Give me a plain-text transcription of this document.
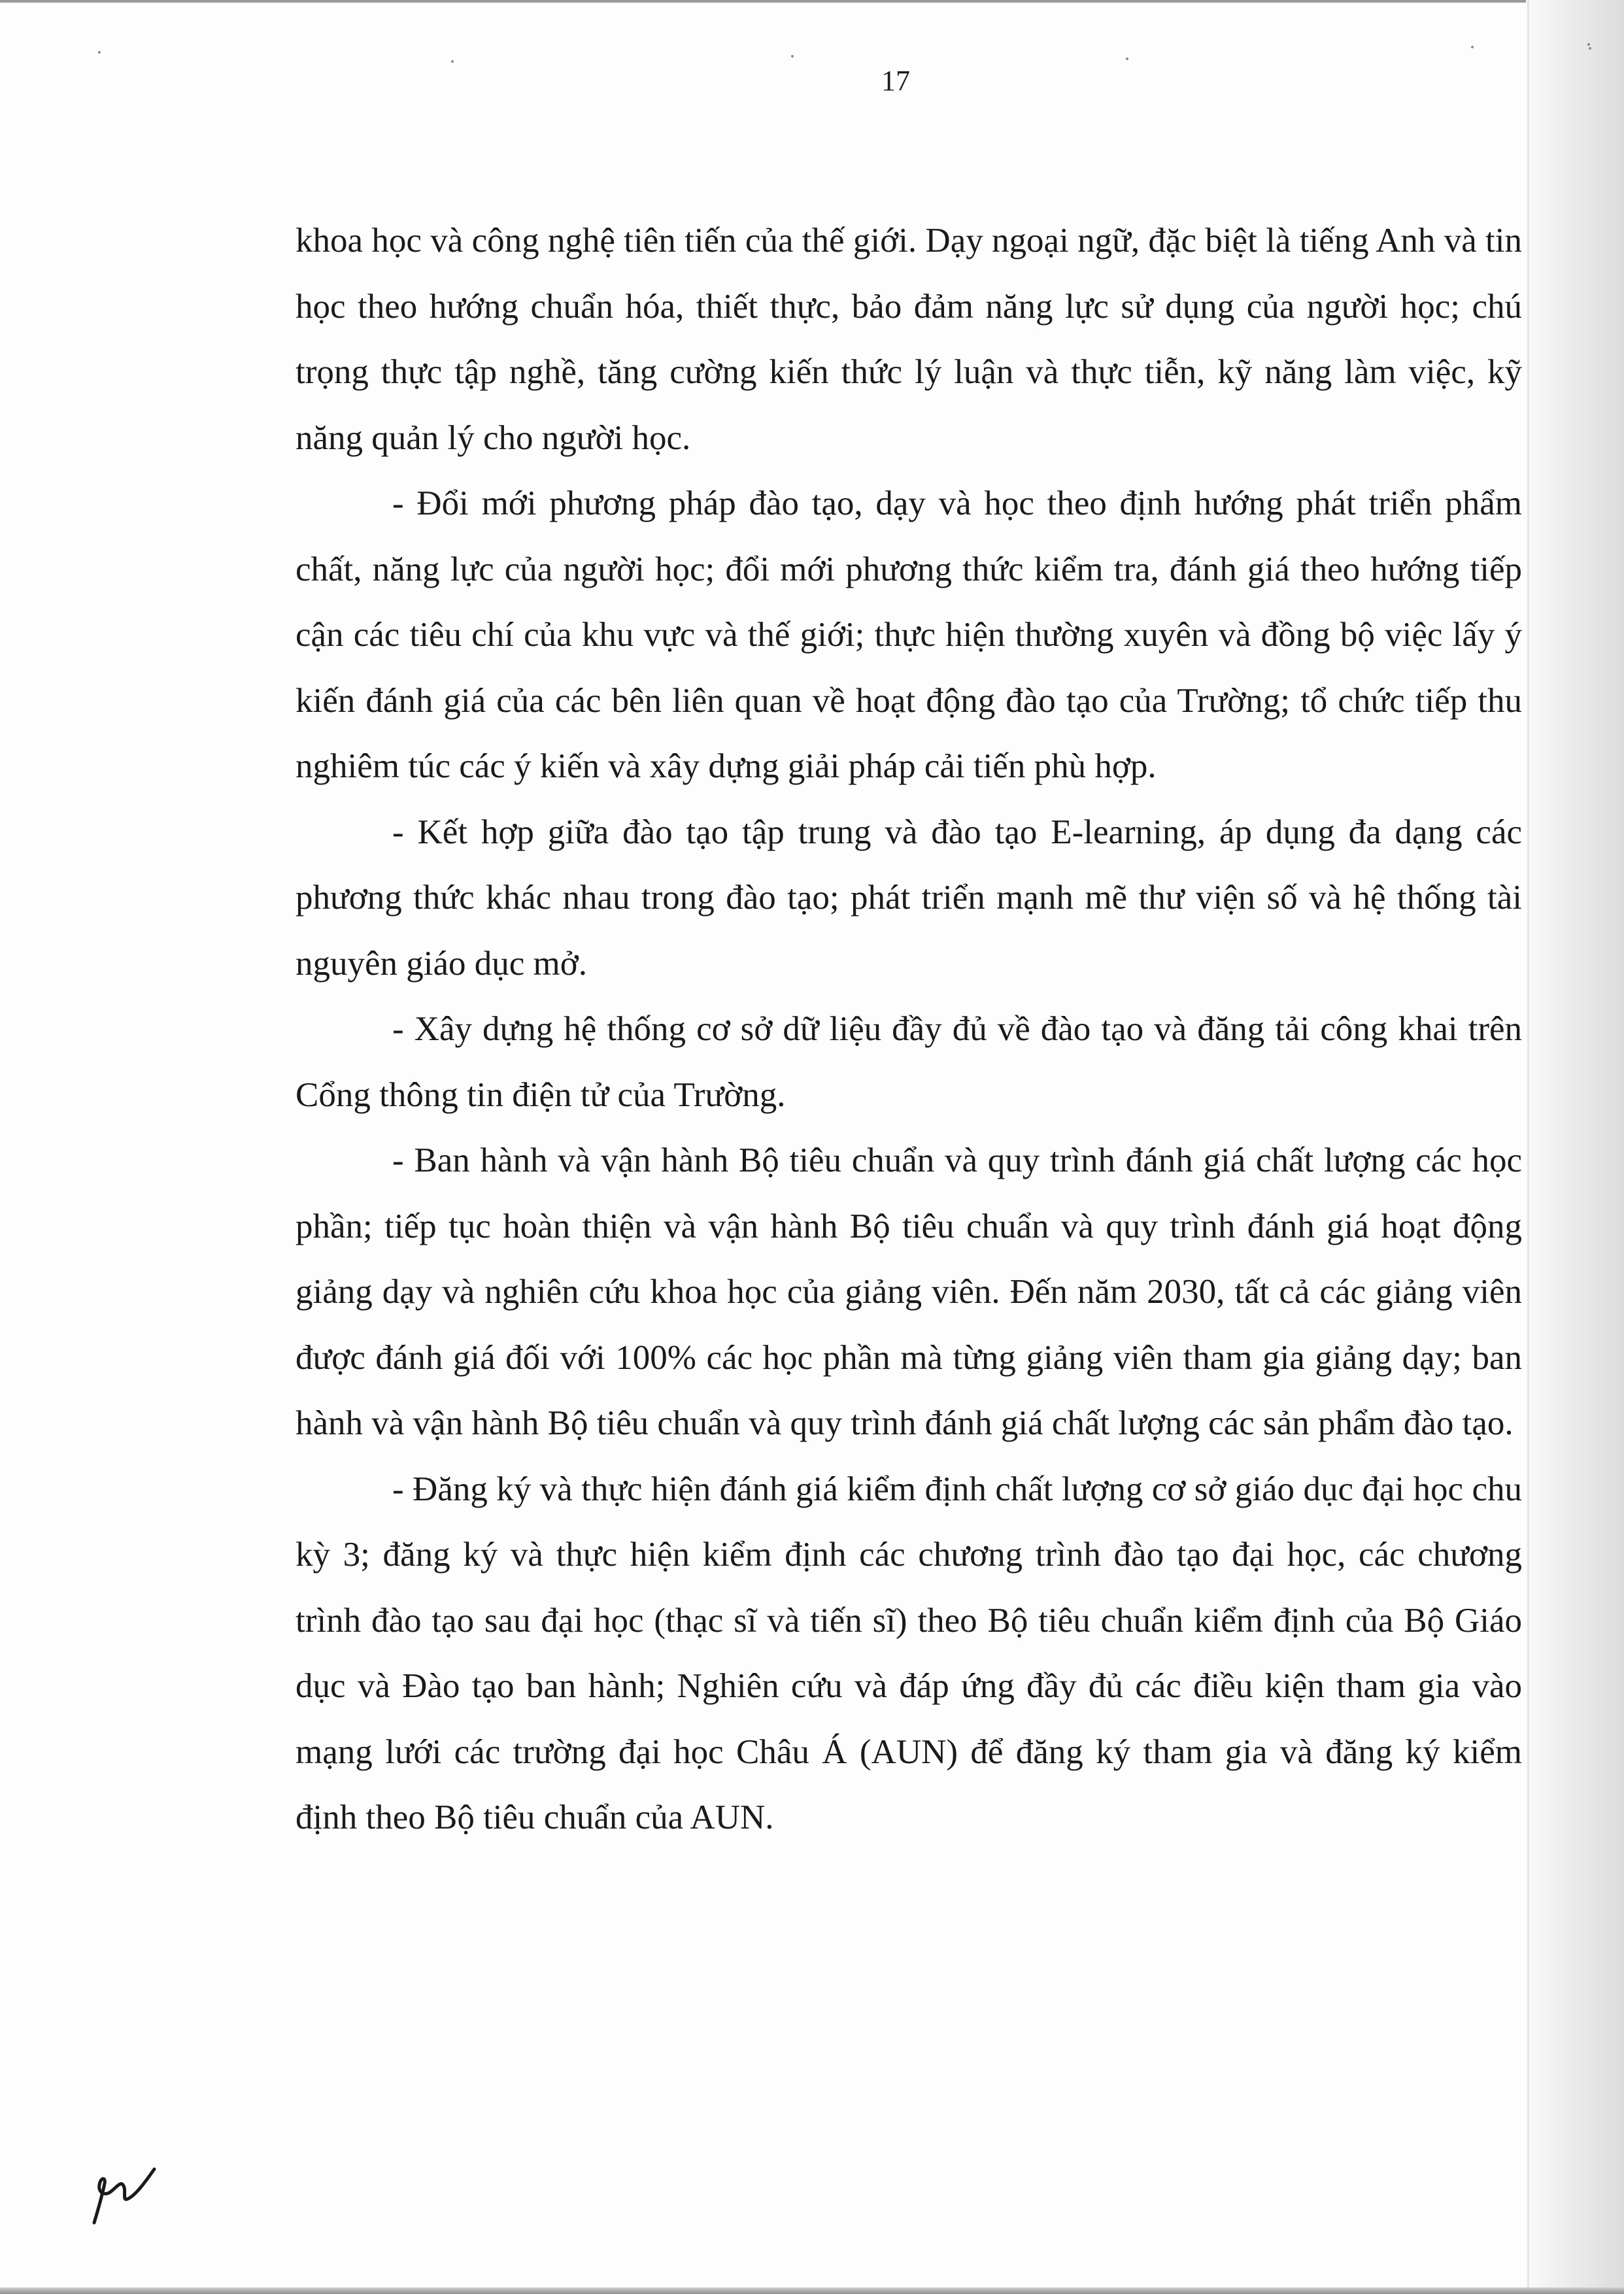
17

khoa học và công nghệ tiên tiến của thế giới. Dạy ngoại ngữ, đặc biệt là tiếng Anh và tin học theo hướng chuẩn hóa, thiết thực, bảo đảm năng lực sử dụng của người học; chú trọng thực tập nghề, tăng cường kiến thức lý luận và thực tiễn, kỹ năng làm việc, kỹ năng quản lý cho người học.

- Đổi mới phương pháp đào tạo, dạy và học theo định hướng phát triển phẩm chất, năng lực của người học; đổi mới phương thức kiểm tra, đánh giá theo hướng tiếp cận các tiêu chí của khu vực và thế giới; thực hiện thường xuyên và đồng bộ việc lấy ý kiến đánh giá của các bên liên quan về hoạt động đào tạo của Trường; tổ chức tiếp thu nghiêm túc các ý kiến và xây dựng giải pháp cải tiến phù hợp.

- Kết hợp giữa đào tạo tập trung và đào tạo E-learning, áp dụng đa dạng các phương thức khác nhau trong đào tạo; phát triển mạnh mẽ thư viện số và hệ thống tài nguyên giáo dục mở.

- Xây dựng hệ thống cơ sở dữ liệu đầy đủ về đào tạo và đăng tải công khai trên Cổng thông tin điện tử của Trường.

- Ban hành và vận hành Bộ tiêu chuẩn và quy trình đánh giá chất lượng các học phần; tiếp tục hoàn thiện và vận hành Bộ tiêu chuẩn và quy trình đánh giá hoạt động giảng dạy và nghiên cứu khoa học của giảng viên. Đến năm 2030, tất cả các giảng viên được đánh giá đối với 100% các học phần mà từng giảng viên tham gia giảng dạy; ban hành và vận hành Bộ tiêu chuẩn và quy trình đánh giá chất lượng các sản phẩm đào tạo.

- Đăng ký và thực hiện đánh giá kiểm định chất lượng cơ sở giáo dục đại học chu kỳ 3; đăng ký và thực hiện kiểm định các chương trình đào tạo đại học, các chương trình đào tạo sau đại học (thạc sĩ và tiến sĩ) theo Bộ tiêu chuẩn kiểm định của Bộ Giáo dục và Đào tạo ban hành; Nghiên cứu và đáp ứng đầy đủ các điều kiện tham gia vào mạng lưới các trường đại học Châu Á (AUN) để đăng ký tham gia và đăng ký kiểm định theo Bộ tiêu chuẩn của AUN.
